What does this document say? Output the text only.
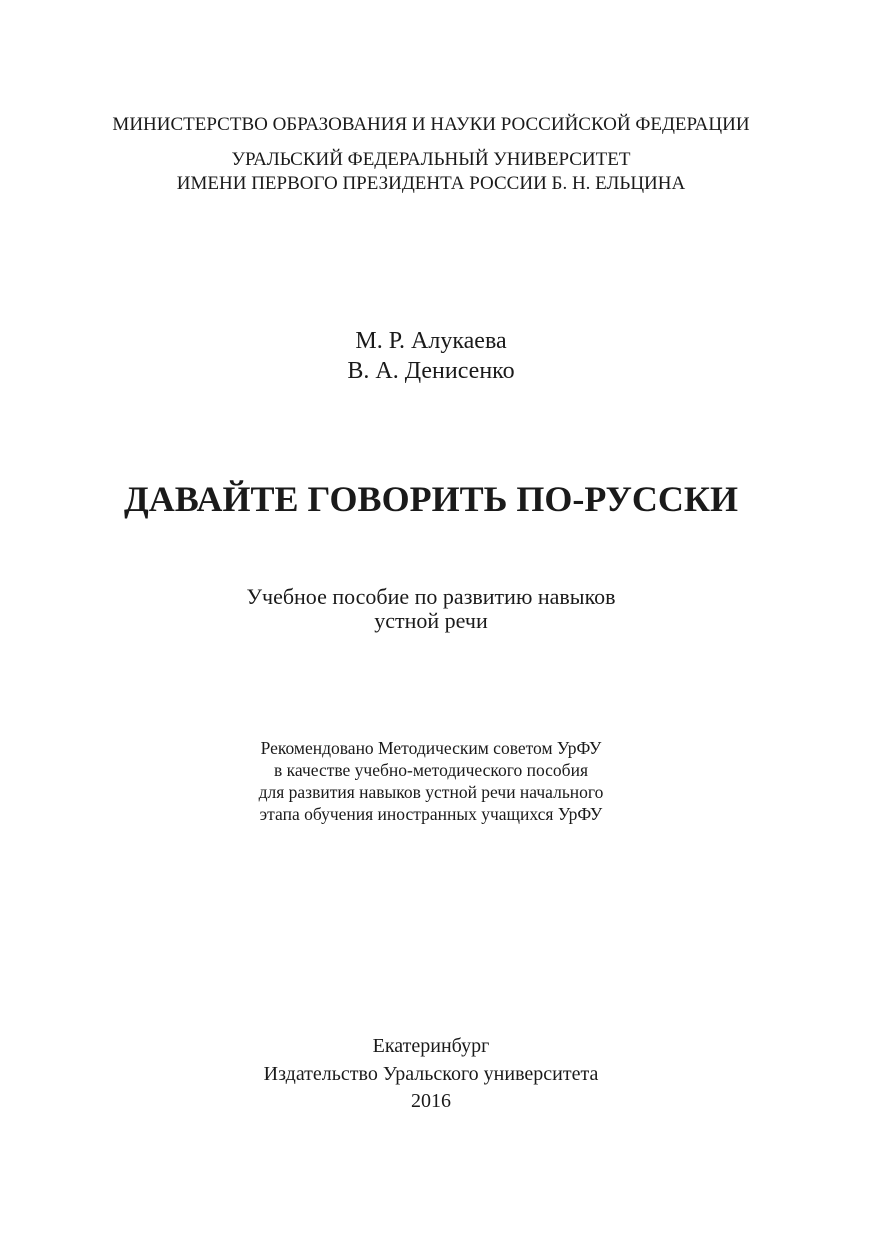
МИНИСТЕРСТВО ОБРАЗОВАНИЯ И НАУКИ РОССИЙСКОЙ ФЕДЕРАЦИИ
УРАЛЬСКИЙ ФЕДЕРАЛЬНЫЙ УНИВЕРСИТЕТ
ИМЕНИ ПЕРВОГО ПРЕЗИДЕНТА РОССИИ Б. Н. ЕЛЬЦИНА
М. Р. Алукаева
В. А. Денисенко
ДАВАЙТЕ ГОВОРИТЬ ПО-РУССКИ
Учебное пособие по развитию навыков
устной речи
Рекомендовано Методическим советом УрФУ
в качестве учебно-методического пособия
для развития навыков устной речи начального
этапа обучения иностранных учащихся УрФУ
Екатеринбург
Издательство Уральского университета
2016
